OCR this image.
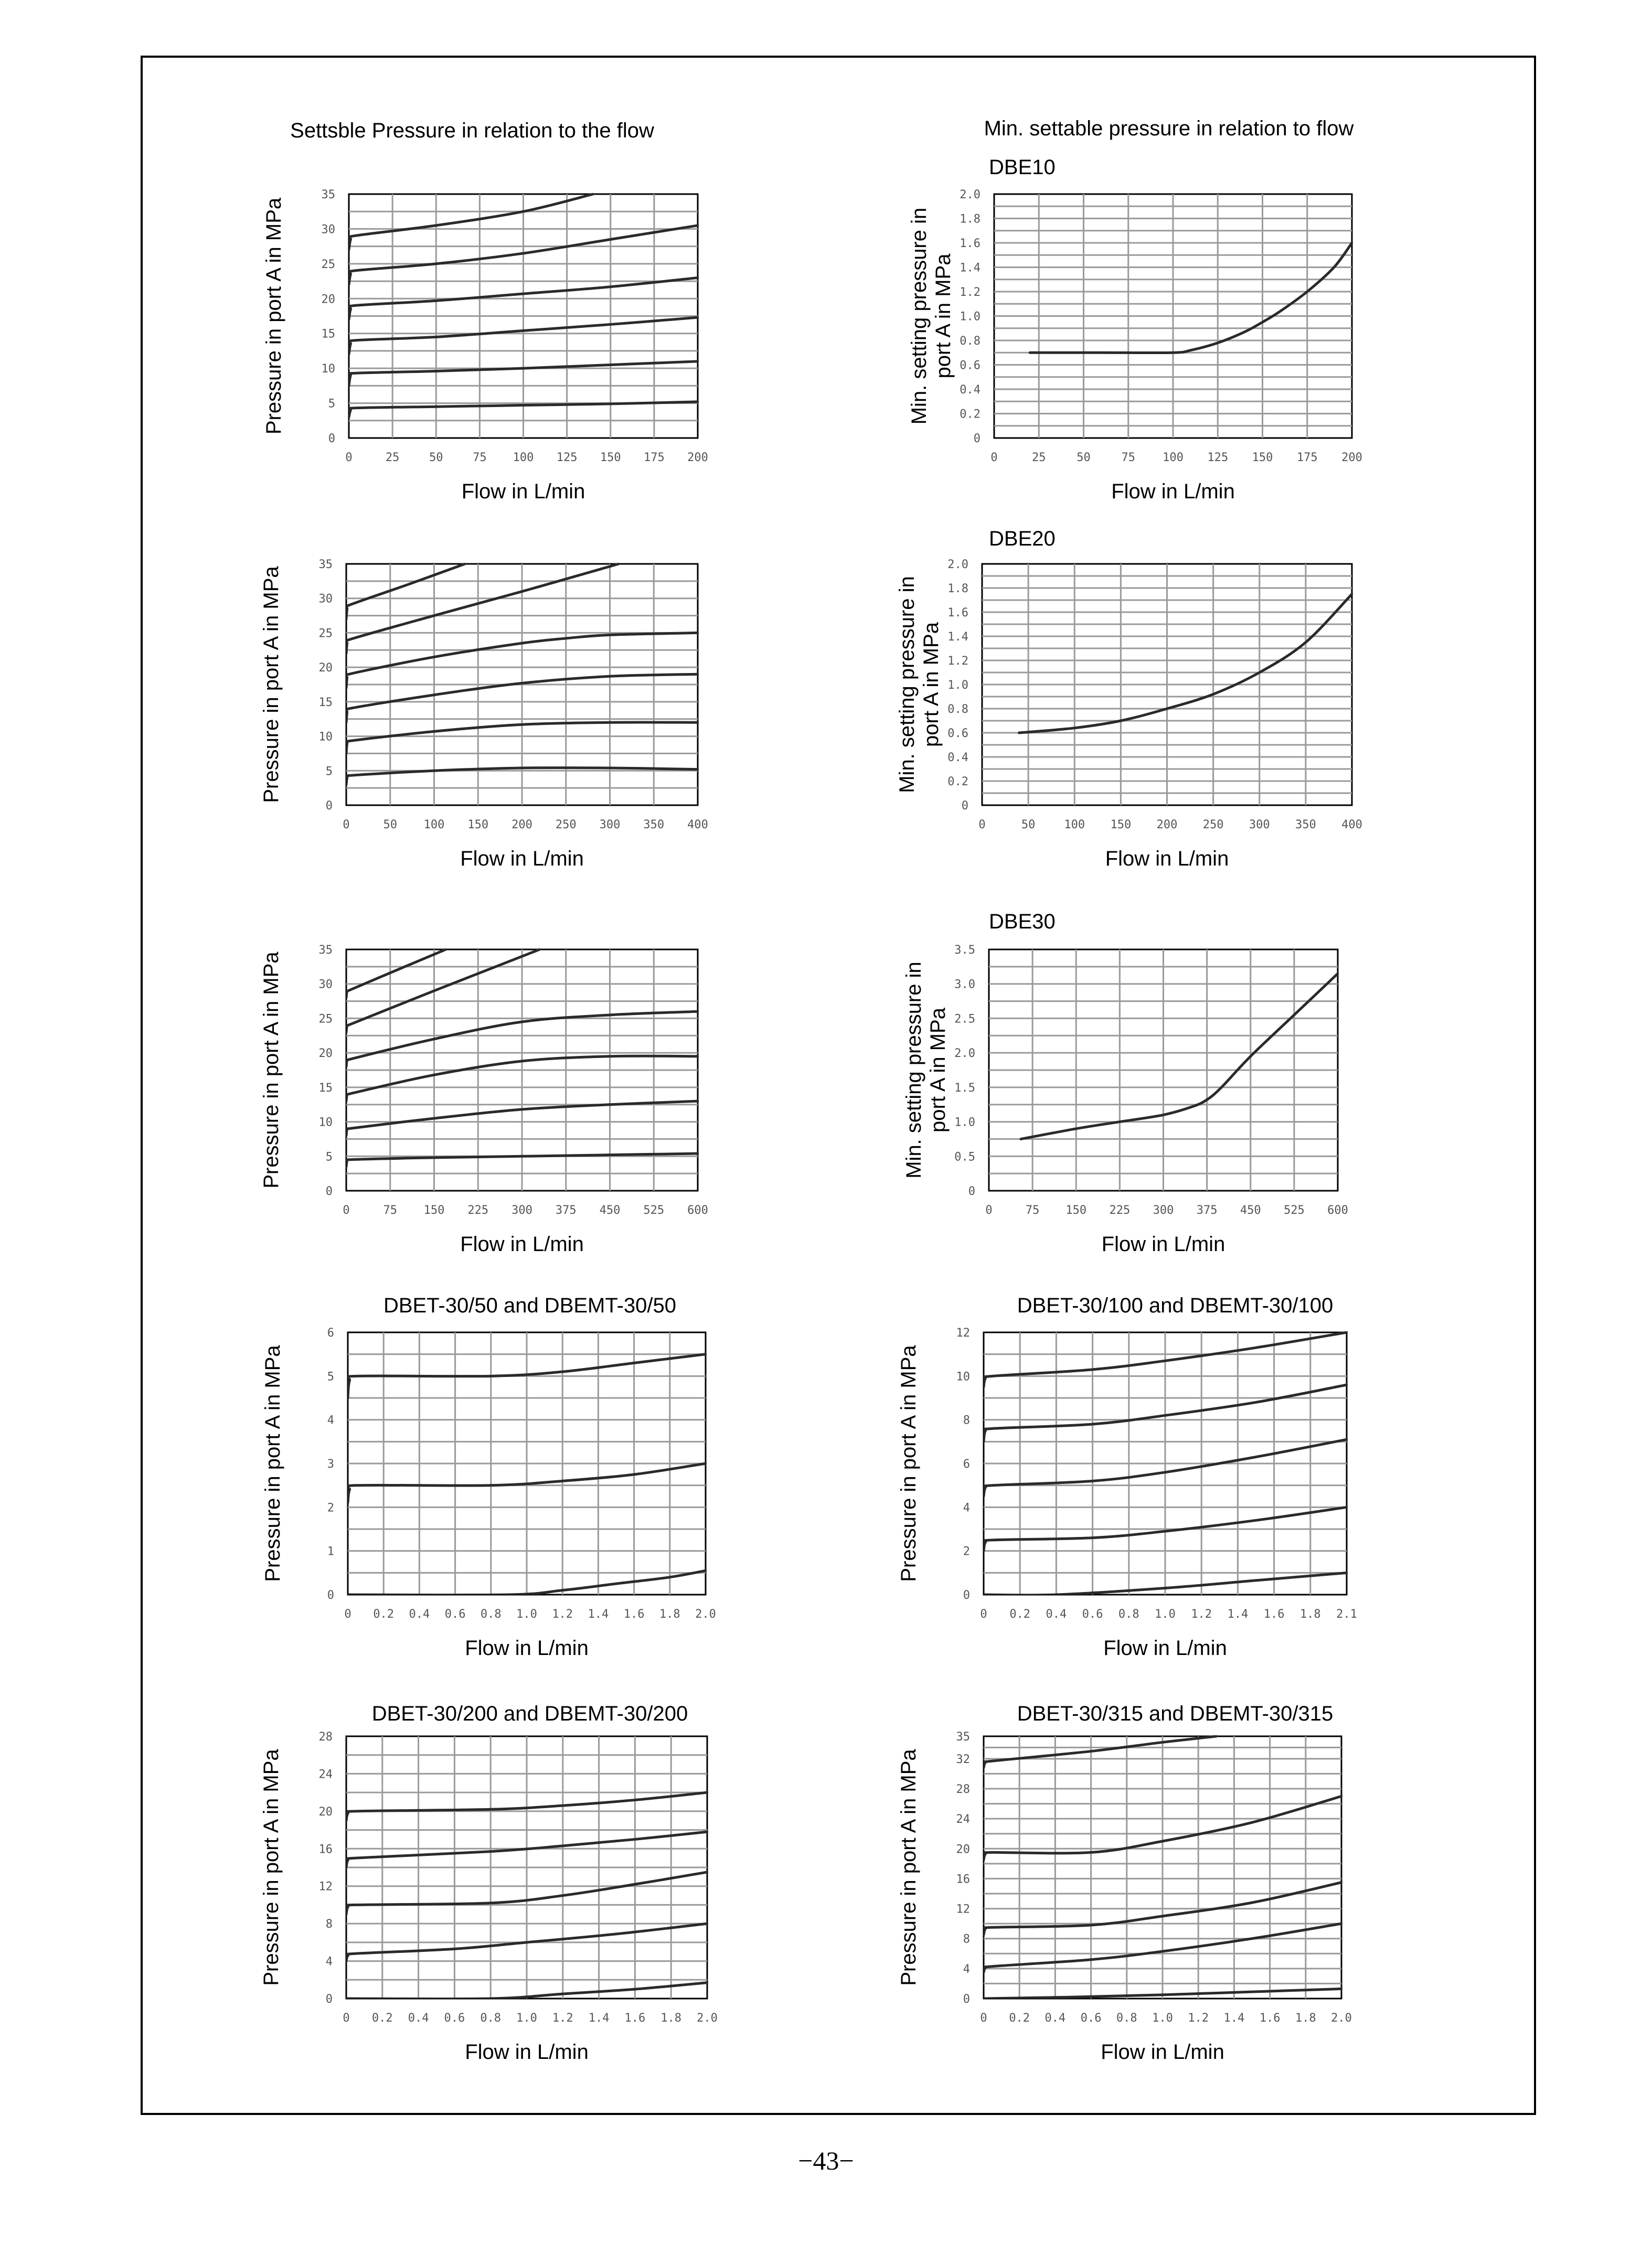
Settsble Pressure in relation to the flow	Min. settable pressure in relation to flow
0	25	50	75 100 125 150 175 200
0
5
10
15
20
25
30
35
Flow in L/min
Pressure in port A in MPa
0	25	50	75 100 125 150 175 200
0
0.2
0.4
0.6
0.8
1.0
1.2
1.4
1.6
1.8
2.0
Flow in L/min
Min. setting pressure inport A in MPa
DBE10
0	50 100 150 200 250 300 350 400
0
5
10
15
20
25
30
35
Flow in L/min
Pressure in port A in MPa
0	50	100 150 200 250 300 350 400
0
0.2
0.4
0.6
0.8
1.0
1.2
1.4
1.6
1.8
2.0
Flow in L/min
Min. setting pressure inport A in MPa
DBE20
0	75 150 225 300 375 450 525 600
0
5
10
15
20
25
30
35
Flow in L/min
Pressure in port A in MPa
0	75 150 225 300 375 450 525 600
0
0.5
1.0
1.5
2.0
2.5
3.0
3.5
Flow in L/min
Min. setting pressure inport A in MPa
DBE30
0 0.2 0.4 0.6 0.8 1.0 1.2 1.4 1.6 1.8 2.0
0
1
2
3
4
5
6
Flow in L/min
Pressure in port A in MPa
DBET-30/50 and DBEMT-30/50
0 0.2 0.4 0.6 0.8 1.0 1.2 1.4 1.6 1.8 2.1
0
2
4
6
8
10
12
Flow in L/min
Pressure in port A in MPa
DBET-30/100 and DBEMT-30/100
0 0.2 0.4 0.6 0.8 1.0 1.2 1.4 1.6 1.8 2.0
0
4
8
12
16
20
24
28
Flow in L/min
Pressure in port A in MPa
DBET-30/200 and DBEMT-30/200
0 0.2 0.4 0.6 0.8 1.0 1.2 1.4 1.6 1.8 2.0
0
4
8
12
16
20
24
28
32
35
Flow in L/min
Pressure in port A in MPa
DBET-30/315 and DBEMT-30/315
−43−
